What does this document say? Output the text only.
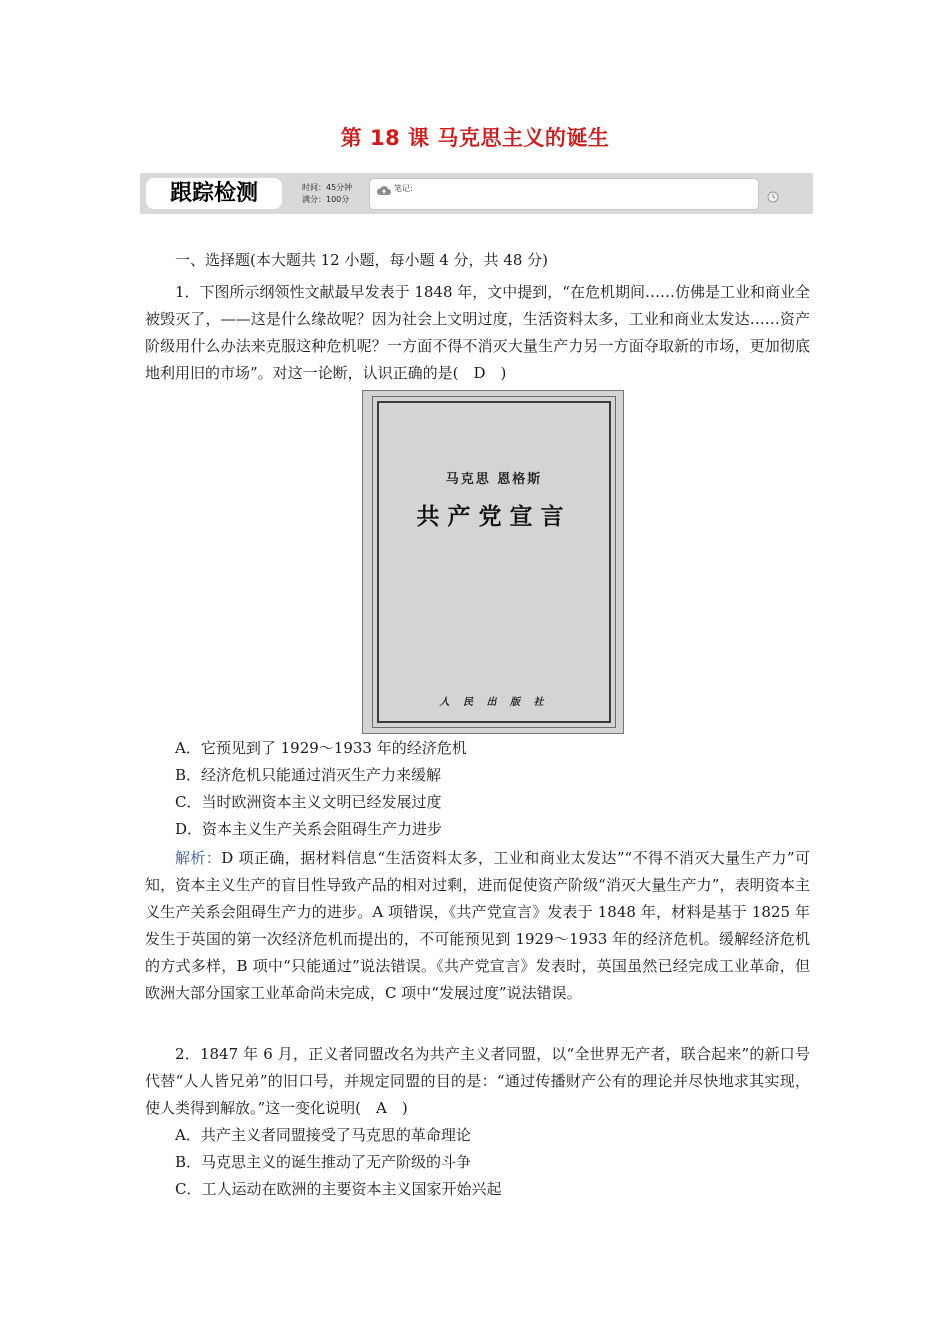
第 18 课 马克思主义的诞生
跟踪检测	时间：45分钟
满分：100分
笔记:
一、选择题(本大题共 12 小题，每小题 4 分，共 48 分)

1．下图所示纲领性文献最早发表于 1848 年，文中提到，“在危机期间……仿佛是工业和商业全被毁灭了，——这是什么缘故呢？因为社会上文明过度，生活资料太多，工业和商业太发达……资产阶级用什么办法来克服这种危机呢？一方面不得不消灭大量生产力另一方面夺取新的市场，更加彻底地利用旧的市场”。对这一论断，认识正确的是(　D　)

马克思 恩格斯
共产党宣言
人 民 出 版 社
A．它预见到了 1929～1933 年的经济危机
B．经济危机只能通过消灭生产力来缓解
C．当时欧洲资本主义文明已经发展过度
D．资本主义生产关系会阻碍生产力进步

解析：D 项正确，据材料信息“生活资料太多，工业和商业太发达”“不得不消灭大量生产力”可知，资本主义生产的盲目性导致产品的相对过剩，进而促使资产阶级“消灭大量生产力”，表明资本主义生产关系会阻碍生产力的进步。A 项错误，《共产党宣言》发表于 1848 年，材料是基于 1825 年发生于英国的第一次经济危机而提出的，不可能预见到 1929～1933 年的经济危机。缓解经济危机的方式多样，B 项中“只能通过”说法错误。《共产党宣言》发表时，英国虽然已经完成工业革命，但欧洲大部分国家工业革命尚未完成，C 项中“发展过度”说法错误。

2．1847 年 6 月，正义者同盟改名为共产主义者同盟，以“全世界无产者，联合起来”的新口号代替“人人皆兄弟”的旧口号，并规定同盟的目的是：“通过传播财产公有的理论并尽快地求其实现，使人类得到解放。”这一变化说明(　A　)

A．共产主义者同盟接受了马克思的革命理论
B．马克思主义的诞生推动了无产阶级的斗争
C．工人运动在欧洲的主要资本主义国家开始兴起
